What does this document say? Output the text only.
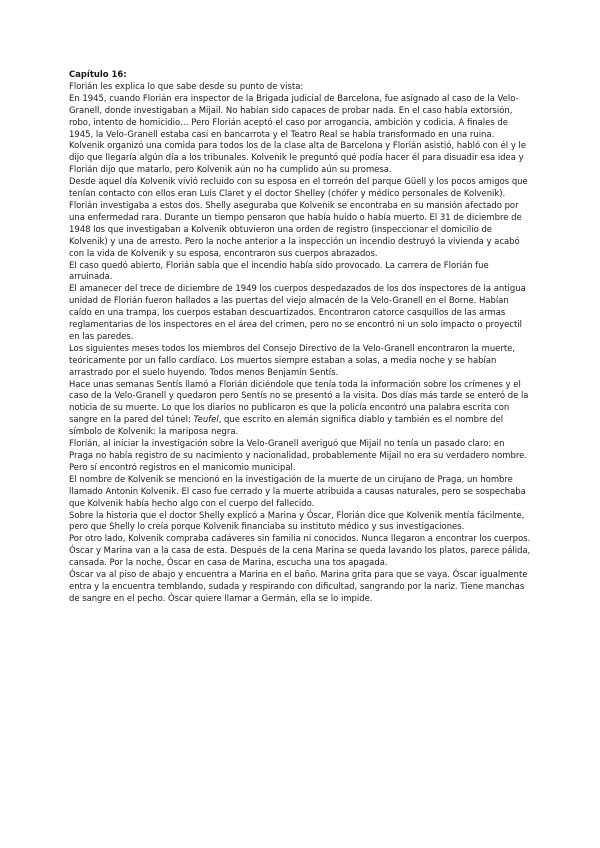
Capítulo 16:

Florián les explica lo que sabe desde su punto de vista:

En 1945, cuando Florián era inspector de la Brigada judicial de Barcelona, fue asignado al caso de la Velo-Granell, donde investigaban a Mijail. No habían sido capaces de probar nada. En el caso había extorsión, robo, intento de homicidio… Pero Florián aceptó el caso por arrogancia, ambición y codicia. A finales de 1945, la Velo-Granell estaba casi en bancarrota y el Teatro Real se había transformado en una ruina. Kolvenik organizó una comida para todos los de la clase alta de Barcelona y Florián asistió, habló con él y le dijo que llegaría algún día a los tribunales. Kolvenik le preguntó qué podía hacer él para disuadir esa idea y Florián dijo que matarlo, pero Kolvenik aún no ha cumplido aún su promesa.

Desde aquel día Kolvenik vivió recluido con su esposa en el torreón del parque Güell y los pocos amigos que tenían contacto con ellos eran Luis Claret y el doctor Shelley (chófer y médico personales de Kolvenik). Florián investigaba a estos dos. Shelly aseguraba que Kolvenik se encontraba en su mansión afectado por una enfermedad rara. Durante un tiempo pensaron que había huido o había muerto. El 31 de diciembre de 1948 los que investigaban a Kolvenik obtuvieron una orden de registro (inspeccionar el domicilio de Kolvenik) y una de arresto. Pero la noche anterior a la inspección un incendio destruyó la vivienda y acabó con la vida de Kolvenik y su esposa, encontraron sus cuerpos abrazados.

El caso quedó abierto, Florián sabía que el incendio había sido provocado. La carrera de Florián fue arruinada.

El amanecer del trece de diciembre de 1949 los cuerpos despedazados de los dos inspectores de la antigua unidad de Florián fueron hallados a las puertas del viejo almacén de la Velo-Granell en el Borne. Habían caído en una trampa, los cuerpos estaban descuartizados. Encontraron catorce casquillos de las armas reglamentarias de los inspectores en el área del crimen, pero no se encontró ni un solo impacto o proyectil en las paredes.

Los siguientes meses todos los miembros del Consejo Directivo de la Velo-Granell encontraron la muerte, teóricamente por un fallo cardíaco. Los muertos siempre estaban a solas, a media noche y se habían arrastrado por el suelo huyendo. Todos menos Benjamín Sentís.

Hace unas semanas Sentís llamó a Florián diciéndole que tenía toda la información sobre los crímenes y el caso de la Velo-Granell y quedaron pero Sentís no se presentó a la visita. Dos días más tarde se enteró de la noticia de su muerte. Lo que los diarios no publicaron es que la policía encontró una palabra escrita con sangre en la pared del túnel: Teufel, que escrito en alemán significa diablo y también es el nombre del símbolo de Kolvenik: la mariposa negra.

Florián, al iniciar la investigación sobre la Velo-Granell averiguó que Mijail no tenía un pasado claro: en Praga no había registro de su nacimiento y nacionalidad, probablemente Mijail no era su verdadero nombre. Pero sí encontró registros en el manicomio municipal.

El nombre de Kolvenik se mencionó en la investigación de la muerte de un cirujano de Praga, un hombre llamado Antonin Kolvenik. El caso fue cerrado y la muerte atribuida a causas naturales, pero se sospechaba que Kolvenik había hecho algo con el cuerpo del fallecido.

Sobre la historia que el doctor Shelly explicó a Marina y Óscar, Florián dice que Kolvenik mentía fácilmente, pero que Shelly lo creía porque Kolvenik financiaba su instituto médico y sus investigaciones.

Por otro lado, Kolvenik compraba cadáveres sin familia ni conocidos. Nunca llegaron a encontrar los cuerpos.

Óscar y Marina van a la casa de esta. Después de la cena Marina se queda lavando los platos, parece pálida, cansada. Por la noche, Óscar en casa de Marina, escucha una tos apagada.

Óscar va al piso de abajo y encuentra a Marina en el baño. Marina grita para que se vaya. Óscar igualmente entra y la encuentra temblando, sudada y respirando con dificultad, sangrando por la nariz. Tiene manchas de sangre en el pecho. Óscar quiere llamar a Germán, ella se lo impide.
